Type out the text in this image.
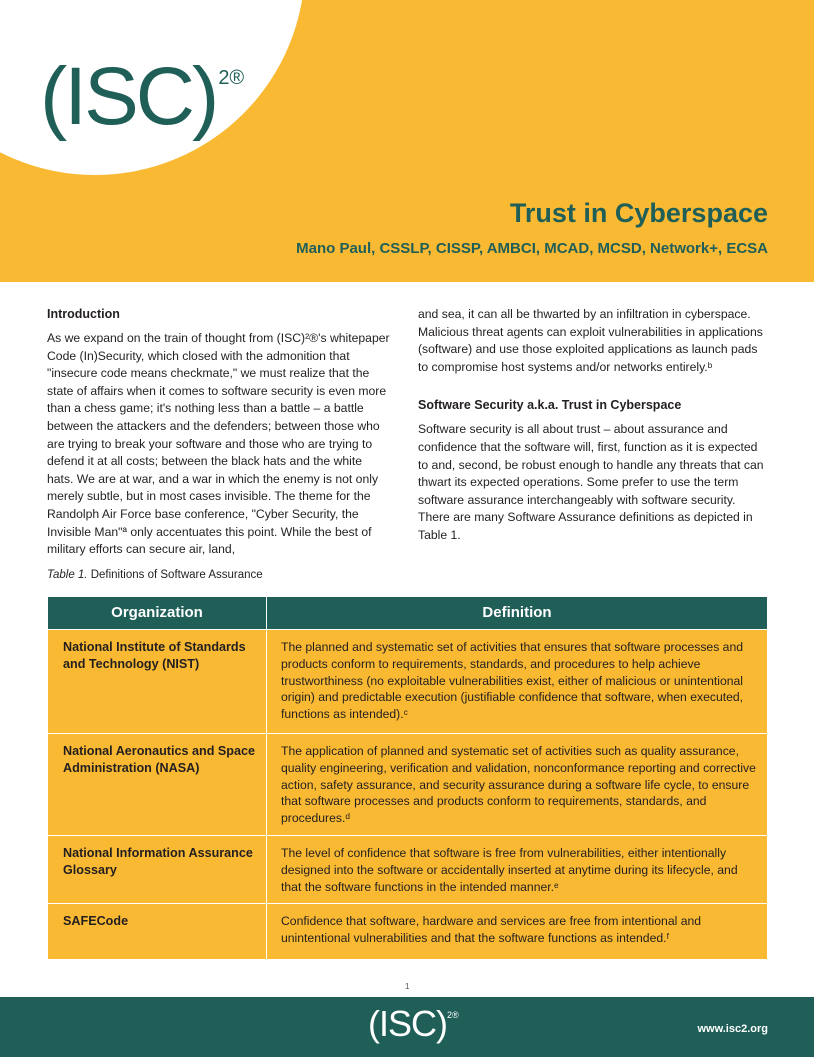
(ISC) $^{2®}$
Trust in Cyberspace

Mano Paul, CSSLP, CISSP, AMBCI, MCAD, MCSD, Network+, ECSA

Introduction

As we expand on the train of thought from (ISC)²®'s whitepaper Code (In)Security, which closed with the admonition that "insecure code means checkmate," we must realize that the state of affairs when it comes to software security is even more than a chess game; it's nothing less than a battle – a battle between the attackers and the defenders; between those who are trying to break your software and those who are trying to defend it at all costs; between the black hats and the white hats. We are at war, and a war in which the enemy is not only merely subtle, but in most cases invisible. The theme for the Randolph Air Force base conference, "Cyber Security, the Invisible Man"ª only accentuates this point. While the best of military efforts can secure air, land,

and sea, it can all be thwarted by an infiltration in cyberspace. Malicious threat agents can exploit vulnerabilities in applications (software) and use those exploited applications as launch pads to compromise host systems and/or networks entirely.ᵇ

Software Security a.k.a. Trust in Cyberspace

Software security is all about trust – about assurance and confidence that the software will, first, function as it is expected to and, second, be robust enough to handle any threats that can thwart its expected operations. Some prefer to use the term software assurance interchangeably with software security. There are many Software Assurance definitions as depicted in Table 1.

Table 1. Definitions of Software Assurance
Organization	Definition
National Institute of Standards and Technology (NIST)	The planned and systematic set of activities that ensures that software processes and products conform to requirements, standards, and procedures to help achieve trustworthiness (no exploitable vulnerabilities exist, either of malicious or unintentional origin) and predictable execution (justifiable confidence that software, when executed, functions as intended).ᶜ
National Aeronautics and Space Administration (NASA)	The application of planned and systematic set of activities such as quality assurance, quality engineering, verification and validation, nonconformance reporting and corrective action, safety assurance, and security assurance during a software life cycle, to ensure that software processes and products conform to requirements, standards, and procedures.ᵈ
National Information Assurance Glossary	The level of confidence that software is free from vulnerabilities, either intentionally designed into the software or accidentally inserted at anytime during its lifecycle, and that the software functions in the intended manner.ᵉ
SAFECode	Confidence that software, hardware and services are free from intentional and unintentional vulnerabilities and that the software functions as intended.ᶠ
1
(ISC)$^{2®}$
www.isc2.org
